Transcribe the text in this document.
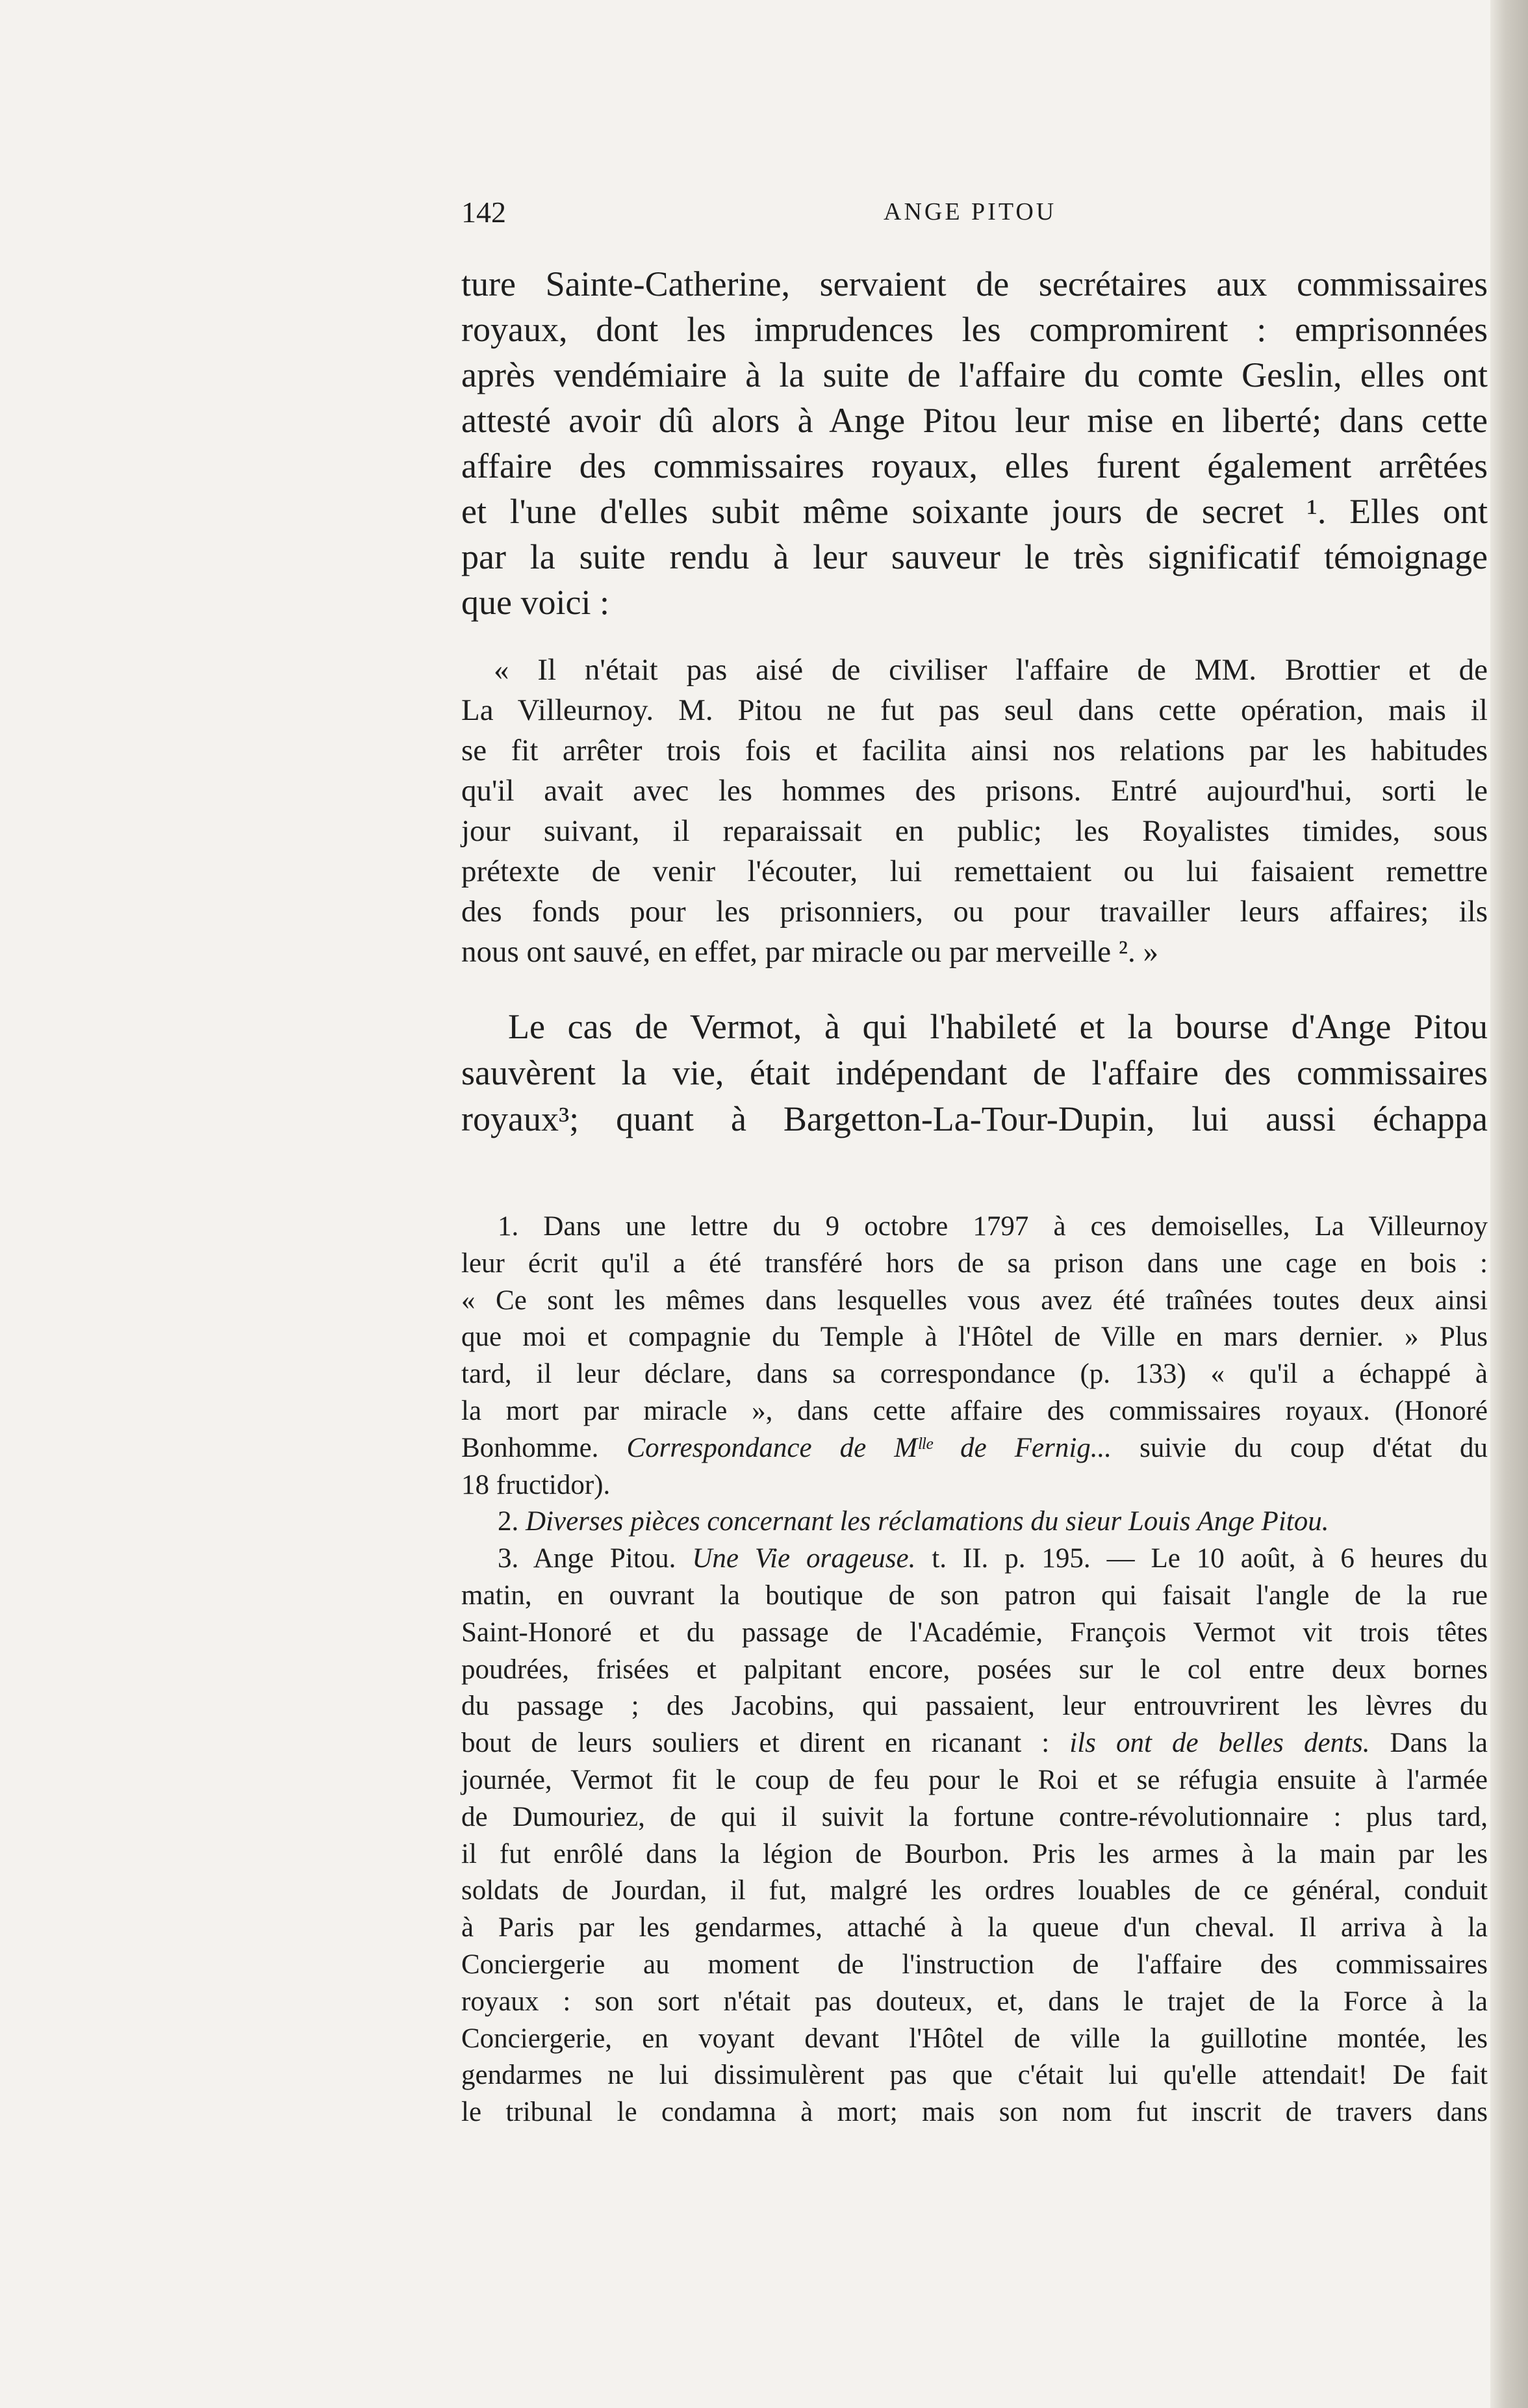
142	ANGE PITOU
ture Sainte-Catherine, servaient de secrétaires aux commissaires
royaux, dont les imprudences les compromirent : emprisonnées
après vendémiaire à la suite de l'affaire du comte Geslin, elles ont
attesté avoir dû alors à Ange Pitou leur mise en liberté; dans cette
affaire des commissaires royaux, elles furent également arrêtées
et l'une d'elles subit même soixante jours de secret ¹. Elles ont
par la suite rendu à leur sauveur le très significatif témoignage
que voici :
« Il n'était pas aisé de civiliser l'affaire de MM. Brottier et de
La Villeurnoy. M. Pitou ne fut pas seul dans cette opération, mais il
se fit arrêter trois fois et facilita ainsi nos relations par les habitudes
qu'il avait avec les hommes des prisons. Entré aujourd'hui, sorti le
jour suivant, il reparaissait en public; les Royalistes timides, sous
prétexte de venir l'écouter, lui remettaient ou lui faisaient remettre
des fonds pour les prisonniers, ou pour travailler leurs affaires; ils
nous ont sauvé, en effet, par miracle ou par merveille ². »
Le cas de Vermot, à qui l'habileté et la bourse d'Ange Pitou
sauvèrent la vie, était indépendant de l'affaire des commissaires
royaux³; quant à Bargetton-La-Tour-Dupin, lui aussi échappa
1. Dans une lettre du 9 octobre 1797 à ces demoiselles, La Villeurnoy
leur écrit qu'il a été transféré hors de sa prison dans une cage en bois :
« Ce sont les mêmes dans lesquelles vous avez été traînées toutes deux ainsi
que moi et compagnie du Temple à l'Hôtel de Ville en mars dernier. » Plus
tard, il leur déclare, dans sa correspondance (p. 133) « qu'il a échappé à
la mort par miracle », dans cette affaire des commissaires royaux. (Honoré
Bonhomme. Correspondance de Mˡˡᵉ de Fernig... suivie du coup d'état du
18 fructidor).
2. Diverses pièces concernant les réclamations du sieur Louis Ange Pitou.
3. Ange Pitou. Une Vie orageuse. t. II. p. 195. — Le 10 août, à 6 heures du
matin, en ouvrant la boutique de son patron qui faisait l'angle de la rue
Saint-Honoré et du passage de l'Académie, François Vermot vit trois têtes
poudrées, frisées et palpitant encore, posées sur le col entre deux bornes
du passage ; des Jacobins, qui passaient, leur entrouvrirent les lèvres du
bout de leurs souliers et dirent en ricanant : ils ont de belles dents. Dans la
journée, Vermot fit le coup de feu pour le Roi et se réfugia ensuite à l'armée
de Dumouriez, de qui il suivit la fortune contre-révolutionnaire : plus tard,
il fut enrôlé dans la légion de Bourbon. Pris les armes à la main par les
soldats de Jourdan, il fut, malgré les ordres louables de ce général, conduit
à Paris par les gendarmes, attaché à la queue d'un cheval. Il arriva à la
Conciergerie au moment de l'instruction de l'affaire des commissaires
royaux : son sort n'était pas douteux, et, dans le trajet de la Force à la
Conciergerie, en voyant devant l'Hôtel de ville la guillotine montée, les
gendarmes ne lui dissimulèrent pas que c'était lui qu'elle attendait! De fait
le tribunal le condamna à mort; mais son nom fut inscrit de travers dans
